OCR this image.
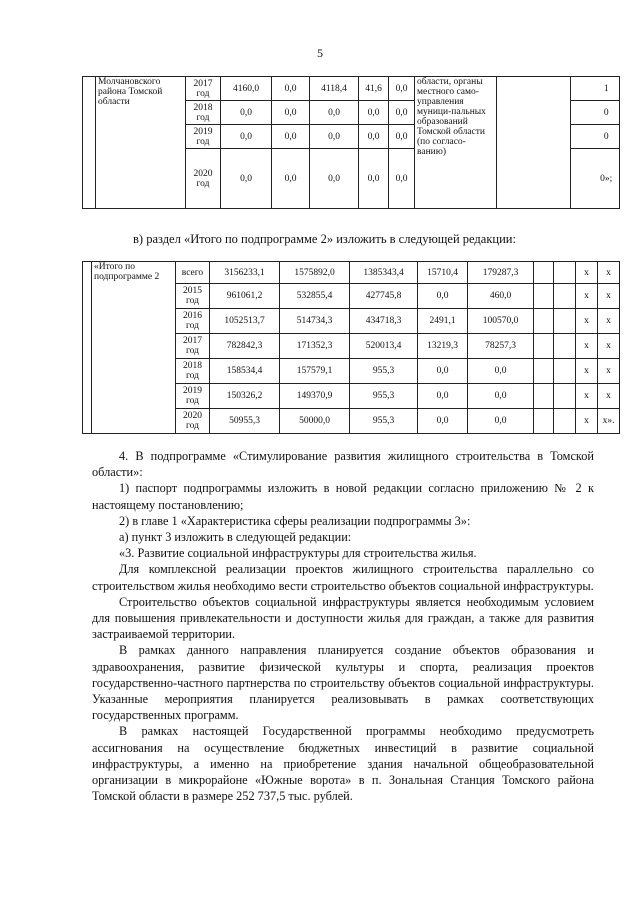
5
	Молчановского района Томской области	2017 год	4160,0	0,0	4118,4	41,6	0,0	области, органы местного само-управления муници-пальных образований Томской области (по согласо-ванию)			1
		2018 год	0,0	0,0	0,0	0,0	0,0				0
		2019 год	0,0	0,0	0,0	0,0	0,0				0
		2020 год	0,0	0,0	0,0	0,0	0,0				0»;
в) раздел «Итого по подпрограмме 2» изложить в следующей редакции:
	«Итого по подпрограмме 2	всего	3156233,1	1575892,0	1385343,4	15710,4	179287,3			x	x
		2015 год	961061,2	532855,4	427745,8	0,0	460,0			x	x
		2016 год	1052513,7	514734,3	434718,3	2491,1	100570,0			x	x
		2017 год	782842,3	171352,3	520013,4	13219,3	78257,3			x	x
		2018 год	158534,4	157579,1	955,3	0,0	0,0			x	x
		2019 год	150326,2	149370,9	955,3	0,0	0,0			x	x
		2020 год	50955,3	50000,0	955,3	0,0	0,0			x	x».

4. В подпрограмме «Стимулирование развития жилищного строительства в Томской области»:

1) паспорт подпрограммы изложить в новой редакции согласно приложению № 2 к настоящему постановлению;

2) в главе 1 «Характеристика сферы реализации подпрограммы 3»:

а) пункт 3 изложить в следующей редакции:

«3. Развитие социальной инфраструктуры для строительства жилья.

Для комплексной реализации проектов жилищного строительства параллельно со строительством жилья необходимо вести строительство объектов социальной инфраструктуры.

Строительство объектов социальной инфраструктуры является необходимым условием для повышения привлекательности и доступности жилья для граждан, а также для развития застраиваемой территории.

В рамках данного направления планируется создание объектов образования и здравоохранения, развитие физической культуры и спорта, реализация проектов государственно-частного партнерства по строительству объектов социальной инфраструктуры. Указанные мероприятия планируется реализовывать в рамках соответствующих государственных программ.

В рамках настоящей Государственной программы необходимо предусмотреть ассигнования на осуществление бюджетных инвестиций в развитие социальной инфраструктуры, а именно на приобретение здания начальной общеобразовательной организации в микрорайоне «Южные ворота» в п. Зональная Станция Томского района Томской области в размере 252 737,5 тыс. рублей.
